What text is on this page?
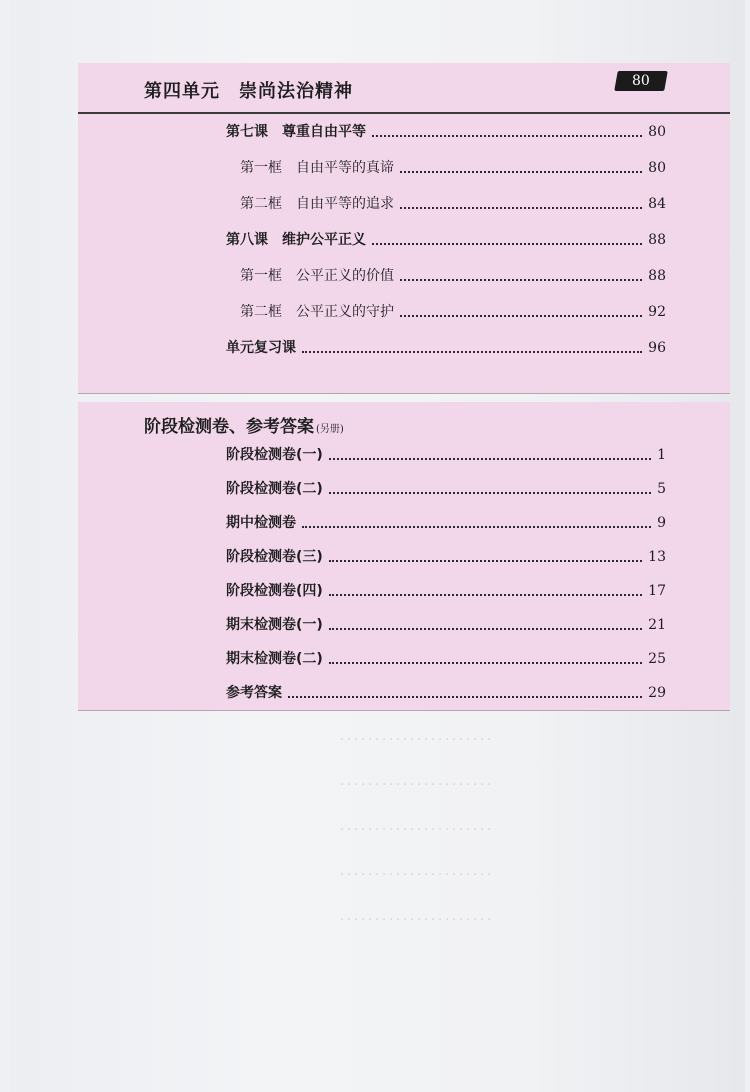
．．．．．．．．．．．．．．．．．．．．．．
．．．．．．．．．．．．．．．．．．．．．．
．．．．．．．．．．．．．．．．．．．．．．
．．．．．．．．．．．．．．．．．．．．．．
．．．．．．．．．．．．．．．．．．．．．．
第四单元　崇尚法治精神	80
第七课　尊重自由平等	80
第一框　自由平等的真谛	80
第二框　自由平等的追求	84
第八课　维护公平正义	88
第一框　公平正义的价值	88
第二框　公平正义的守护	92
单元复习课	96
阶段检测卷、参考答案 (另册)
阶段检测卷(一)	1
阶段检测卷(二)	5
期中检测卷	9
阶段检测卷(三)	13
阶段检测卷(四)	17
期末检测卷(一)	21
期末检测卷(二)	25
参考答案	29
